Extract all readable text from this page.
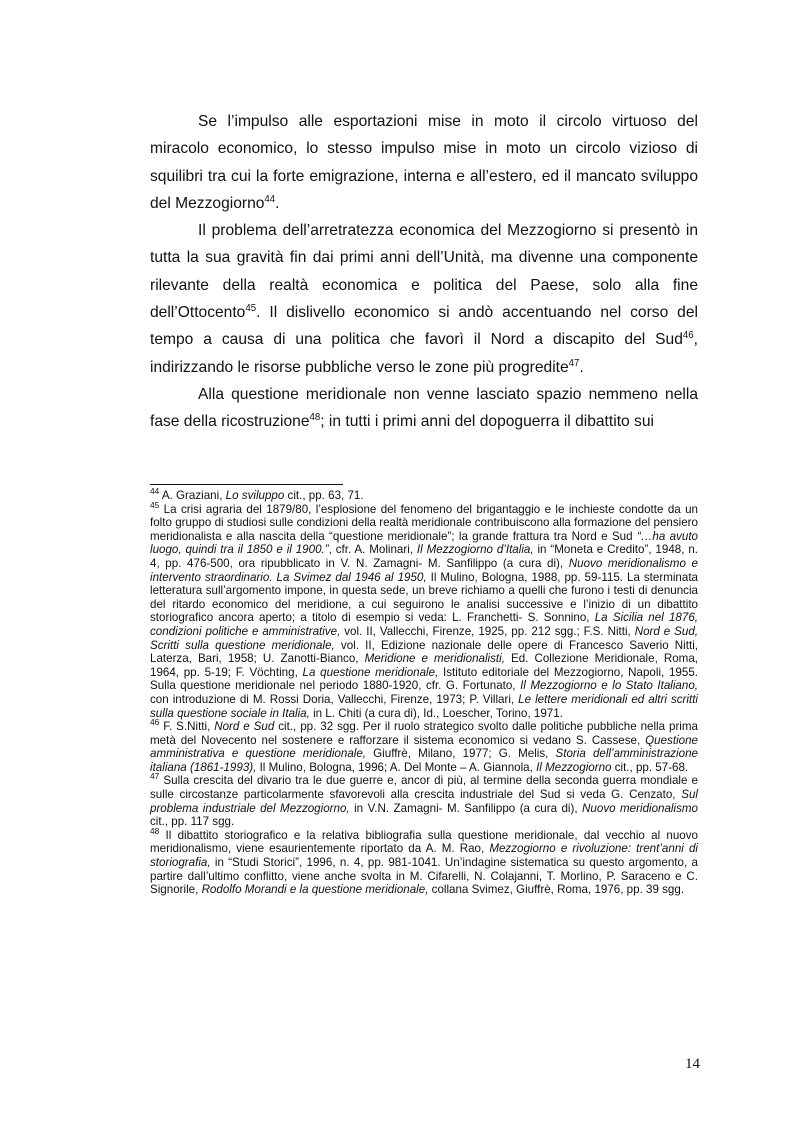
Se l’impulso alle esportazioni mise in moto il circolo virtuoso del miracolo economico, lo stesso impulso mise in moto un circolo vizioso di squilibri tra cui la forte emigrazione, interna e all’estero, ed il mancato sviluppo del Mezzogiorno$^{44}$.

Il problema dell’arretratezza economica del Mezzogiorno si presentò in tutta la sua gravità fin dai primi anni dell’Unità, ma divenne una componente rilevante della realtà economica e politica del Paese, solo alla fine dell’Ottocento$^{45}$. Il dislivello economico si andò accentuando nel corso del tempo a causa di una politica che favorì il Nord a discapito del Sud$^{46}$, indirizzando le risorse pubbliche verso le zone più progredite$^{47}$.

Alla questione meridionale non venne lasciato spazio nemmeno nella fase della ricostruzione$^{48}$; in tutti i primi anni del dopoguerra il dibattito sui

$^{44}$ A. Graziani, Lo sviluppo cit., pp. 63, 71.

$^{45}$ La crisi agraria del 1879/80, l’esplosione del fenomeno del brigantaggio e le inchieste condotte da un folto gruppo di studiosi sulle condizioni della realtà meridionale contribuiscono alla formazione del pensiero meridionalista e alla nascita della “questione meridionale”; la grande frattura tra Nord e Sud “…ha avuto luogo, quindi tra il 1850 e il 1900.”, cfr. A. Molinari, Il Mezzogiorno d’Italia, in “Moneta e Credito”, 1948, n. 4, pp. 476-500, ora ripubblicato in V. N. Zamagni- M. Sanfilippo (a cura di), Nuovo meridionalismo e intervento straordinario. La Svimez dal 1946 al 1950, Il Mulino, Bologna, 1988, pp. 59-115. La sterminata letteratura sull’argomento impone, in questa sede, un breve richiamo a quelli che furono i testi di denuncia del ritardo economico del meridione, a cui seguirono le analisi successive e l’inizio di un dibattito storiografico ancora aperto; a titolo di esempio si veda: L. Franchetti- S. Sonnino, La Sicilia nel 1876, condizioni politiche e amministrative, vol. II, Vallecchi, Firenze, 1925, pp. 212 sgg.; F.S. Nitti, Nord e Sud, Scritti sulla questione meridionale, vol. II, Edizione nazionale delle opere di Francesco Saverio Nitti, Laterza, Bari, 1958; U. Zanotti-Bianco, Meridione e meridionalisti, Ed. Collezione Meridionale, Roma, 1964, pp. 5-19; F. Vöchting, La questione meridionale, Istituto editoriale del Mezzogiorno, Napoli, 1955. Sulla questione meridionale nel periodo 1880-1920, cfr. G. Fortunato, Il Mezzogiorno e lo Stato Italiano, con introduzione di M. Rossi Doria, Vallecchi, Firenze, 1973; P. Villari, Le lettere meridionali ed altri scritti sulla questione sociale in Italia, in L. Chiti (a cura di), Id., Loescher, Torino, 1971.

$^{46}$ F. S.Nitti, Nord e Sud cit., pp. 32 sgg. Per il ruolo strategico svolto dalle politiche pubbliche nella prima metà del Novecento nel sostenere e rafforzare il sistema economico si vedano S. Cassese, Questione amministrativa e questione meridionale, Giuffrè, Milano, 1977; G. Melis, Storia dell’amministrazione italiana (1861-1993), Il Mulino, Bologna, 1996; A. Del Monte – A. Giannola, Il Mezzogiorno cit., pp. 57-68.

$^{47}$ Sulla crescita del divario tra le due guerre e, ancor di più, al termine della seconda guerra mondiale e sulle circostanze particolarmente sfavorevoli alla crescita industriale del Sud si veda G. Cenzato, Sul problema industriale del Mezzogiorno, in V.N. Zamagni- M. Sanfilippo (a cura di), Nuovo meridionalismo cit., pp. 117 sgg.

$^{48}$ Il dibattito storiografico e la relativa bibliografia sulla questione meridionale, dal vecchio al nuovo meridionalismo, viene esaurientemente riportato da A. M. Rao, Mezzogiorno e rivoluzione: trent’anni di storiografia, in “Studi Storici”, 1996, n. 4, pp. 981-1041. Un’indagine sistematica su questo argomento, a partire dall’ultimo conflitto, viene anche svolta in M. Cifarelli, N. Colajanni, T. Morlino, P. Saraceno e C. Signorile, Rodolfo Morandi e la questione meridionale, collana Svimez, Giuffrè, Roma, 1976, pp. 39 sgg.

14
